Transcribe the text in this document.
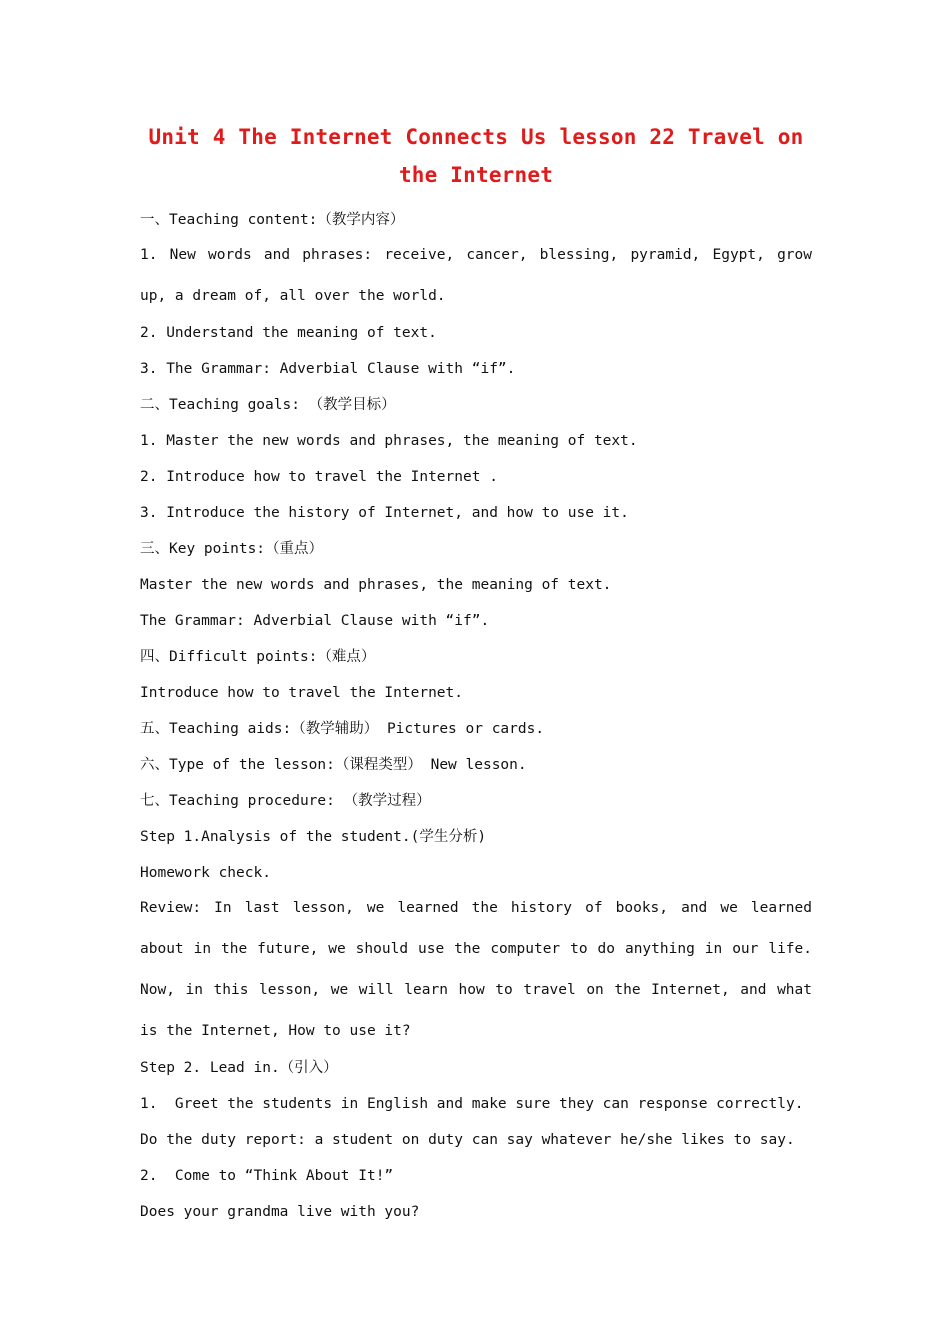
Unit 4 The Internet Connects Us lesson 22 Travel on the Internet

一、Teaching content:（教学内容）

1. New words and phrases: receive, cancer, blessing, pyramid, Egypt, grow up, a dream of, all over the world.

2. Understand the meaning of text.

3. The Grammar: Adverbial Clause with “if”.

二、Teaching goals: （教学目标）

1. Master the new words and phrases, the meaning of text.

2. Introduce how to travel the Internet .

3. Introduce the history of Internet, and how to use it.

三、Key points:（重点）

Master the new words and phrases, the meaning of text.

The Grammar: Adverbial Clause with “if”.

四、Difficult points:（难点）

Introduce how to travel the Internet.

五、Teaching aids:（教学辅助） Pictures or cards.

六、Type of the lesson:（课程类型） New lesson.

七、Teaching procedure: （教学过程）

Step 1.Analysis of the student.(学生分析)

Homework check.

Review: In last lesson, we learned the history of books, and we learned about in the future, we should use the computer to do anything in our life. Now, in this lesson, we will learn how to travel on the Internet, and what is the Internet, How to use it?

Step 2. Lead in.（引入）

1.  Greet the students in English and make sure they can response correctly.

Do the duty report: a student on duty can say whatever he/she likes to say.

2.  Come to “Think About It!”

Does your grandma live with you?
